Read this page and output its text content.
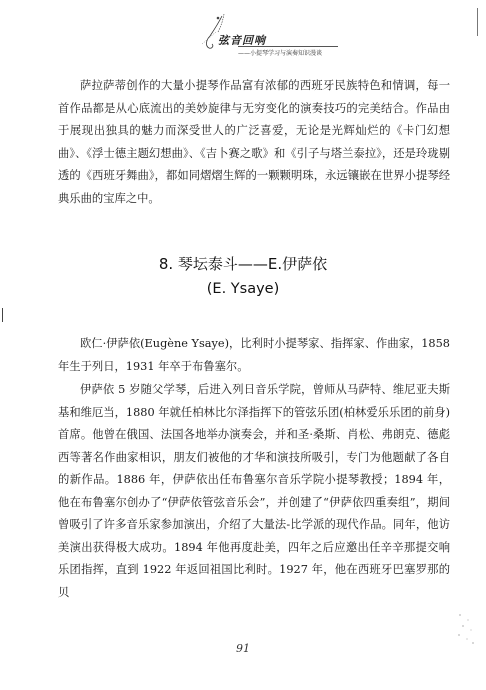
弦音回响
——小提琴学习与演奏知识漫谈

萨拉萨蒂创作的大量小提琴作品富有浓郁的西班牙民族特色和情调，每一首作品都是从心底流出的美妙旋律与无穷变化的演奏技巧的完美结合。作品由于展现出独具的魅力而深受世人的广泛喜爱，无论是光辉灿烂的《卡门幻想曲》、《浮士德主题幻想曲》、《吉卜赛之歌》和《引子与塔兰泰拉》，还是玲珑剔透的《西班牙舞曲》，都如同熠熠生辉的一颗颗明珠，永远镶嵌在世界小提琴经典乐曲的宝库之中。

8. 琴坛泰斗——E.伊萨依
(E. Ysaye)

欧仁·伊萨依(Eugène Ysaye)，比利时小提琴家、指挥家、作曲家，1858 年生于列日，1931 年卒于布鲁塞尔。

伊萨依 5 岁随父学琴，后进入列日音乐学院，曾师从马萨特、维尼亚夫斯基和维厄当，1880 年就任柏林比尔泽指挥下的管弦乐团(柏林爱乐乐团的前身)首席。他曾在俄国、法国各地举办演奏会，并和圣·桑斯、肖松、弗朗克、德彪西等著名作曲家相识，朋友们被他的才华和演技所吸引，专门为他题献了各自的新作品。1886 年，伊萨依出任布鲁塞尔音乐学院小提琴教授；1894 年，他在布鲁塞尔创办了“伊萨依管弦音乐会”，并创建了“伊萨依四重奏组”，期间曾吸引了许多音乐家参加演出，介绍了大量法-比学派的现代作品。同年，他访美演出获得极大成功。1894 年他再度赴美，四年之后应邀出任辛辛那提交响乐团指挥，直到 1922 年返回祖国比利时。1927 年，他在西班牙巴塞罗那的贝

91
